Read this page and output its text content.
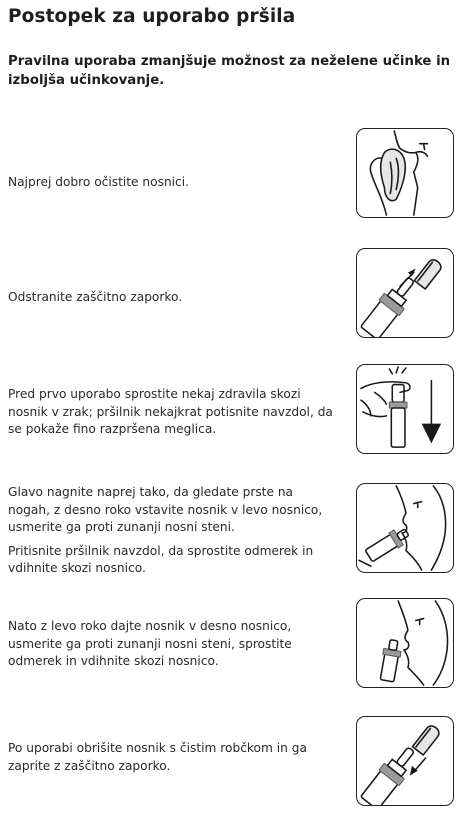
Postopek za uporabo pršila

Pravilna uporaba zmanjšuje možnost za neželene učinke in izboljša učinkovanje.

Najprej dobro očistite nosnici.

Odstranite zaščitno zaporko.

Pred prvo uporabo sprostite nekaj zdravila skozi nosnik v zrak; pršilnik nekajkrat potisnite navzdol, da se pokaže fino razpršena meglica.

Glavo nagnite naprej tako, da gledate prste na nogah, z desno roko vstavite nosnik v levo nosnico, usmerite ga proti zunanji nosni steni.

Pritisnite pršilnik navzdol, da sprostite odmerek in vdihnite skozi nosnico.

Nato z levo roko dajte nosnik v desno nosnico, usmerite ga proti zunanji nosni steni, sprostite odmerek in vdihnite skozi nosnico.

Po uporabi obrišite nosnik s čistim robčkom in ga zaprite z zaščitno zaporko.
